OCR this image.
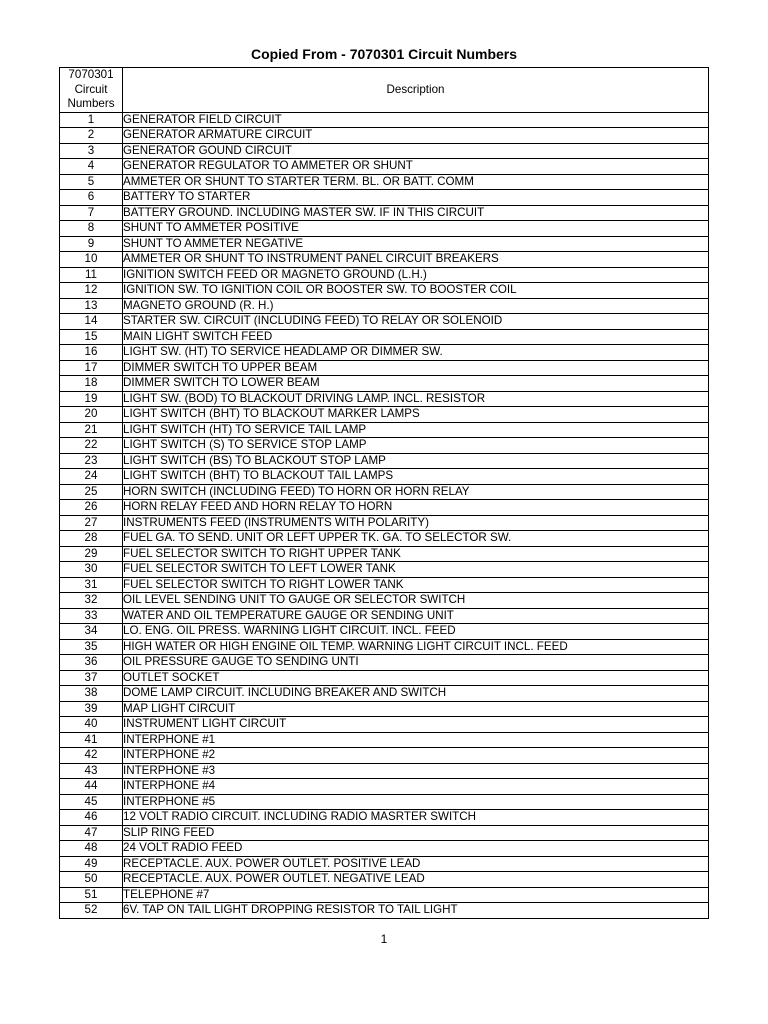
Copied From - 7070301 Circuit Numbers
7070301
Circuit
Numbers	Description
1	GENERATOR FIELD CIRCUIT
2	GENERATOR ARMATURE CIRCUIT
3	GENERATOR GOUND CIRCUIT
4	GENERATOR REGULATOR TO AMMETER OR SHUNT
5	AMMETER OR SHUNT TO STARTER TERM. BL. OR BATT. COMM
6	BATTERY TO STARTER
7	BATTERY GROUND. INCLUDING MASTER SW. IF IN THIS CIRCUIT
8	SHUNT TO AMMETER POSITIVE
9	SHUNT TO AMMETER NEGATIVE
10	AMMETER OR SHUNT TO INSTRUMENT PANEL CIRCUIT BREAKERS
11	IGNITION SWITCH FEED OR MAGNETO GROUND (L.H.)
12	IGNITION SW. TO IGNITION COIL OR BOOSTER SW. TO BOOSTER COIL
13	MAGNETO GROUND (R. H.)
14	STARTER SW. CIRCUIT (INCLUDING FEED) TO RELAY OR SOLENOID
15	MAIN LIGHT SWITCH FEED
16	LIGHT SW. (HT) TO SERVICE HEADLAMP OR DIMMER SW.
17	DIMMER SWITCH TO UPPER BEAM
18	DIMMER SWITCH TO LOWER BEAM
19	LIGHT SW. (BOD) TO BLACKOUT DRIVING LAMP. INCL. RESISTOR
20	LIGHT SWITCH (BHT) TO BLACKOUT MARKER LAMPS
21	LIGHT SWITCH (HT) TO SERVICE TAIL LAMP
22	LIGHT SWITCH (S) TO SERVICE STOP LAMP
23	LIGHT SWITCH (BS) TO BLACKOUT STOP LAMP
24	LIGHT SWITCH (BHT) TO BLACKOUT TAIL LAMPS
25	HORN SWITCH (INCLUDING FEED) TO HORN OR HORN RELAY
26	HORN RELAY FEED AND HORN RELAY TO HORN
27	INSTRUMENTS FEED (INSTRUMENTS WITH POLARITY)
28	FUEL GA. TO SEND. UNIT OR LEFT UPPER TK. GA. TO SELECTOR SW.
29	FUEL SELECTOR SWITCH TO RIGHT UPPER TANK
30	FUEL SELECTOR SWITCH TO LEFT LOWER TANK
31	FUEL SELECTOR SWITCH TO RIGHT LOWER TANK
32	OIL LEVEL SENDING UNIT TO GAUGE OR SELECTOR SWITCH
33	WATER AND OIL TEMPERATURE GAUGE OR SENDING UNIT
34	LO. ENG. OIL PRESS. WARNING LIGHT CIRCUIT. INCL. FEED
35	HIGH WATER OR HIGH ENGINE OIL TEMP. WARNING LIGHT CIRCUIT INCL. FEED
36	OIL PRESSURE GAUGE TO SENDING UNTI
37	OUTLET SOCKET
38	DOME LAMP CIRCUIT. INCLUDING BREAKER AND SWITCH
39	MAP LIGHT CIRCUIT
40	INSTRUMENT LIGHT CIRCUIT
41	INTERPHONE #1
42	INTERPHONE #2
43	INTERPHONE #3
44	INTERPHONE #4
45	INTERPHONE #5
46	12 VOLT RADIO CIRCUIT. INCLUDING RADIO MASRTER SWITCH
47	SLIP RING FEED
48	24 VOLT RADIO FEED
49	RECEPTACLE. AUX. POWER OUTLET. POSITIVE LEAD
50	RECEPTACLE. AUX. POWER OUTLET. NEGATIVE LEAD
51	TELEPHONE #7
52	6V. TAP ON TAIL LIGHT DROPPING RESISTOR TO TAIL LIGHT
1
